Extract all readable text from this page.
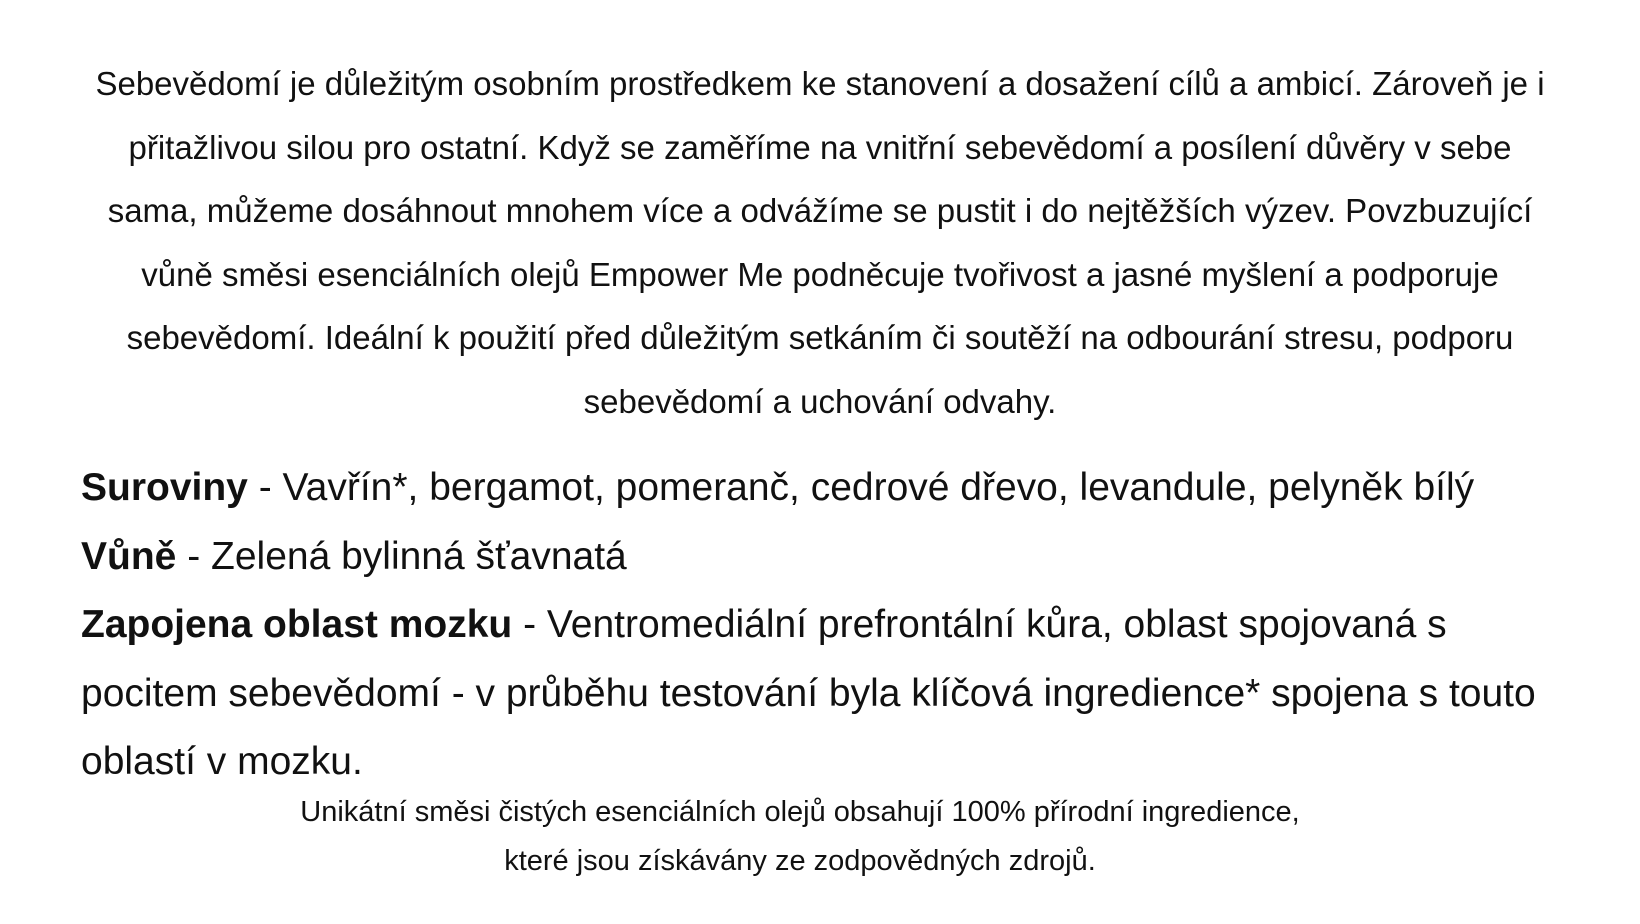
Sebevědomí je důležitým osobním prostředkem ke stanovení a dosažení cílů a ambicí. Zároveň je i přitažlivou silou pro ostatní. Když se zaměříme na vnitřní sebevědomí a posílení důvěry v sebe sama, můžeme dosáhnout mnohem více a odvážíme se pustit i do nejtěžších výzev. Povzbuzující vůně směsi esenciálních olejů Empower Me podněcuje tvořivost a jasné myšlení a podporuje sebevědomí. Ideální k použití před důležitým setkáním či soutěží na odbourání stresu, podporu sebevědomí a uchování odvahy.

Suroviny - Vavřín*, bergamot, pomeranč, cedrové dřevo, levandule, pelyněk bílý

Vůně - Zelená bylinná šťavnatá

Zapojena oblast mozku - Ventromediální prefrontální kůra, oblast spojovaná s pocitem sebevědomí - v průběhu testování byla klíčová ingredience* spojena s touto oblastí v mozku.

Unikátní směsi čistých esenciálních olejů obsahují 100% přírodní ingredience,
které jsou získávány ze zodpovědných zdrojů.
